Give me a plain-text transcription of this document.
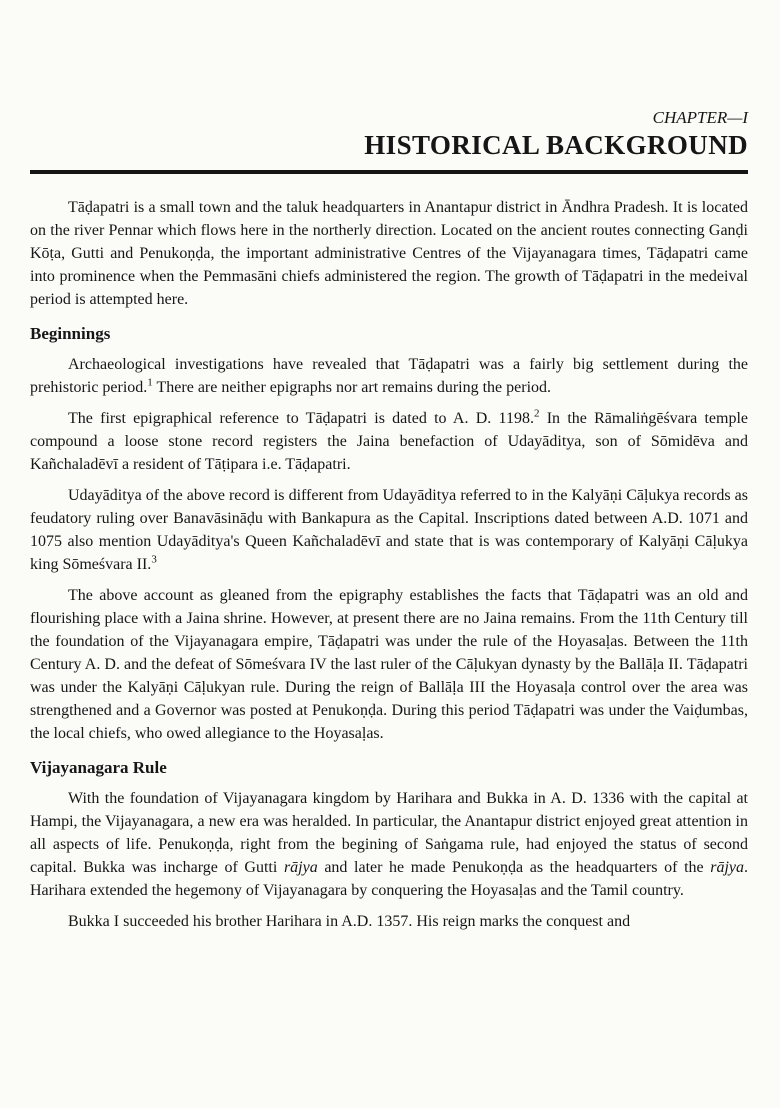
CHAPTER—I
HISTORICAL BACKGROUND

Tāḍapatri is a small town and the taluk headquarters in Anantapur district in Āndhra Pradesh. It is located on the river Pennar which flows here in the northerly direction. Located on the ancient routes connecting Ganḍi Kōṭa, Gutti and Penukoṇḍa, the important administrative Centres of the Vijayanagara times, Tāḍapatri came into prominence when the Pemmasāni chiefs administered the region. The growth of Tāḍapatri in the medeival period is attempted here.

Beginnings

Archaeological investigations have revealed that Tāḍapatri was a fairly big settlement during the prehistoric period.$^1$ There are neither epigraphs nor art remains during the period.

The first epigraphical reference to Tāḍapatri is dated to A. D. 1198.$^2$ In the Rāmaliṅgēśvara temple compound a loose stone record registers the Jaina benefaction of Udayāditya, son of Sōmidēva and Kañchaladēvī a resident of Tāṭipara i.e. Tāḍapatri.

Udayāditya of the above record is different from Udayāditya referred to in the Kalyāṇi Cāḷukya records as feudatory ruling over Banavāsināḍu with Bankapura as the Capital. Inscriptions dated between A.D. 1071 and 1075 also mention Udayāditya's Queen Kañchaladēvī and state that is was contemporary of Kalyāṇi Cāḷukya king Sōmeśvara II.$^3$

The above account as gleaned from the epigraphy establishes the facts that Tāḍapatri was an old and flourishing place with a Jaina shrine. However, at present there are no Jaina remains. From the 11th Century till the foundation of the Vijayanagara empire, Tāḍapatri was under the rule of the Hoyasaḷas. Between the 11th Century A. D. and the defeat of Sōmeśvara IV the last ruler of the Cāḷukyan dynasty by the Ballāḷa II. Tāḍapatri was under the Kalyāṇi Cāḷukyan rule. During the reign of Ballāḷa III the Hoyasaḷa control over the area was strengthened and a Governor was posted at Penukoṇḍa. During this period Tāḍapatri was under the Vaiḍumbas, the local chiefs, who owed allegiance to the Hoyasaḷas.

Vijayanagara Rule

With the foundation of Vijayanagara kingdom by Harihara and Bukka in A. D. 1336 with the capital at Hampi, the Vijayanagara, a new era was heralded. In particular, the Anantapur district enjoyed great attention in all aspects of life. Penukoṇḍa, right from the begining of Saṅgama rule, had enjoyed the status of second capital. Bukka was incharge of Gutti rājya and later he made Penukoṇḍa as the headquarters of the rājya. Harihara extended the hegemony of Vijayanagara by conquering the Hoyasaḷas and the Tamil country.

Bukka I succeeded his brother Harihara in A.D. 1357. His reign marks the conquest and
